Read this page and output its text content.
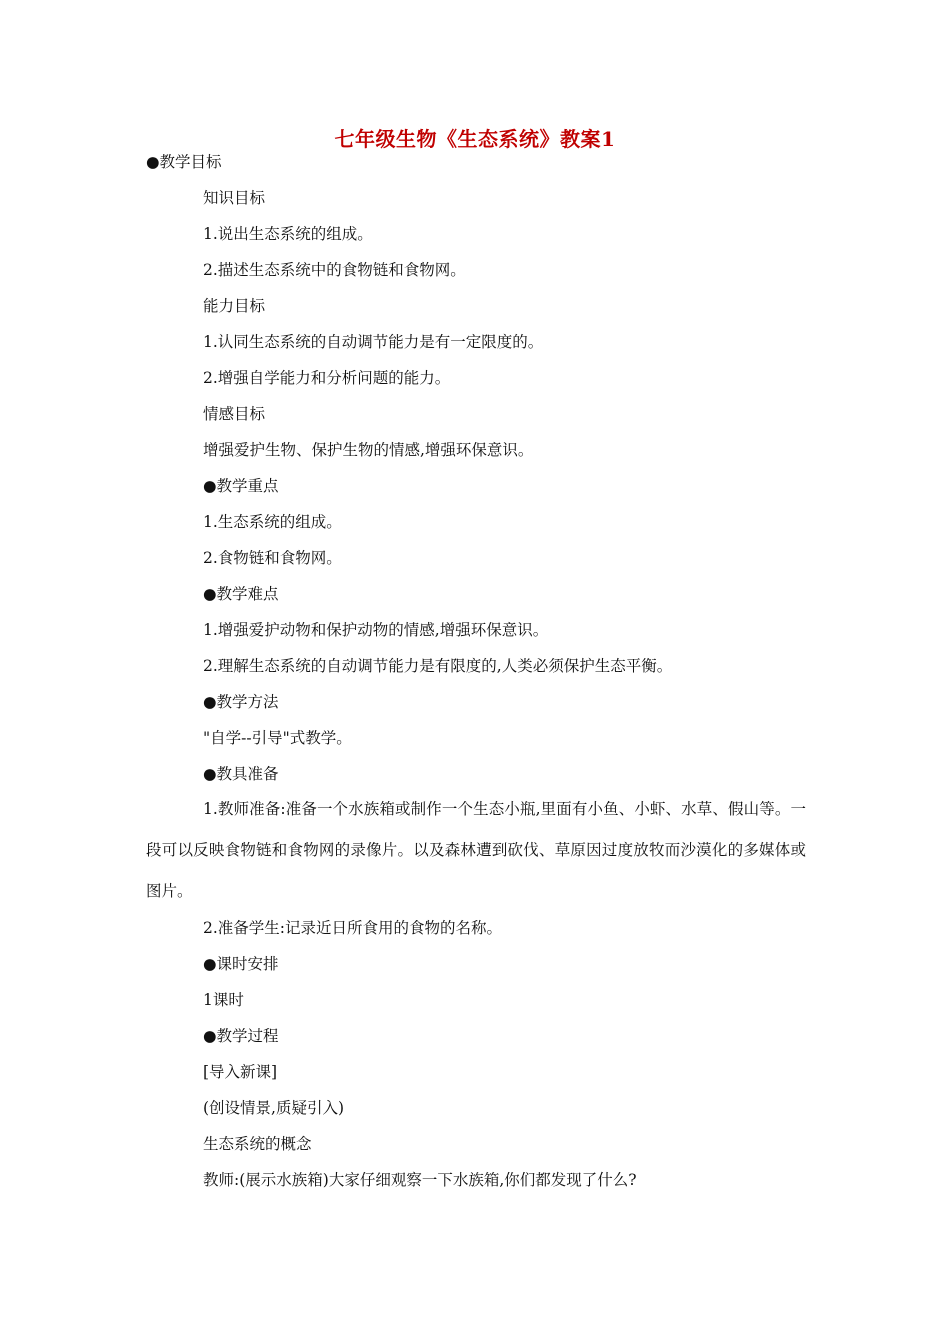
七年级生物《生态系统》教案1
●教学目标
知识目标
1.说出生态系统的组成。
2.描述生态系统中的食物链和食物网。
能力目标
1.认同生态系统的自动调节能力是有一定限度的。
2.增强自学能力和分析问题的能力。
情感目标
增强爱护生物、保护生物的情感,增强环保意识。
●教学重点
1.生态系统的组成。
2.食物链和食物网。
●教学难点
1.增强爱护动物和保护动物的情感,增强环保意识。
2.理解生态系统的自动调节能力是有限度的,人类必须保护生态平衡。
●教学方法
"自学--引导"式教学。
●教具准备
1.教师准备:准备一个水族箱或制作一个生态小瓶,里面有小鱼、小虾、水草、假山等。一段可以反映食物链和食物网的录像片。以及森林遭到砍伐、草原因过度放牧而沙漠化的多媒体或图片。
2.准备学生:记录近日所食用的食物的名称。
●课时安排
1课时
●教学过程
[导入新课]
(创设情景,质疑引入)
生态系统的概念
教师:(展示水族箱)大家仔细观察一下水族箱,你们都发现了什么?
